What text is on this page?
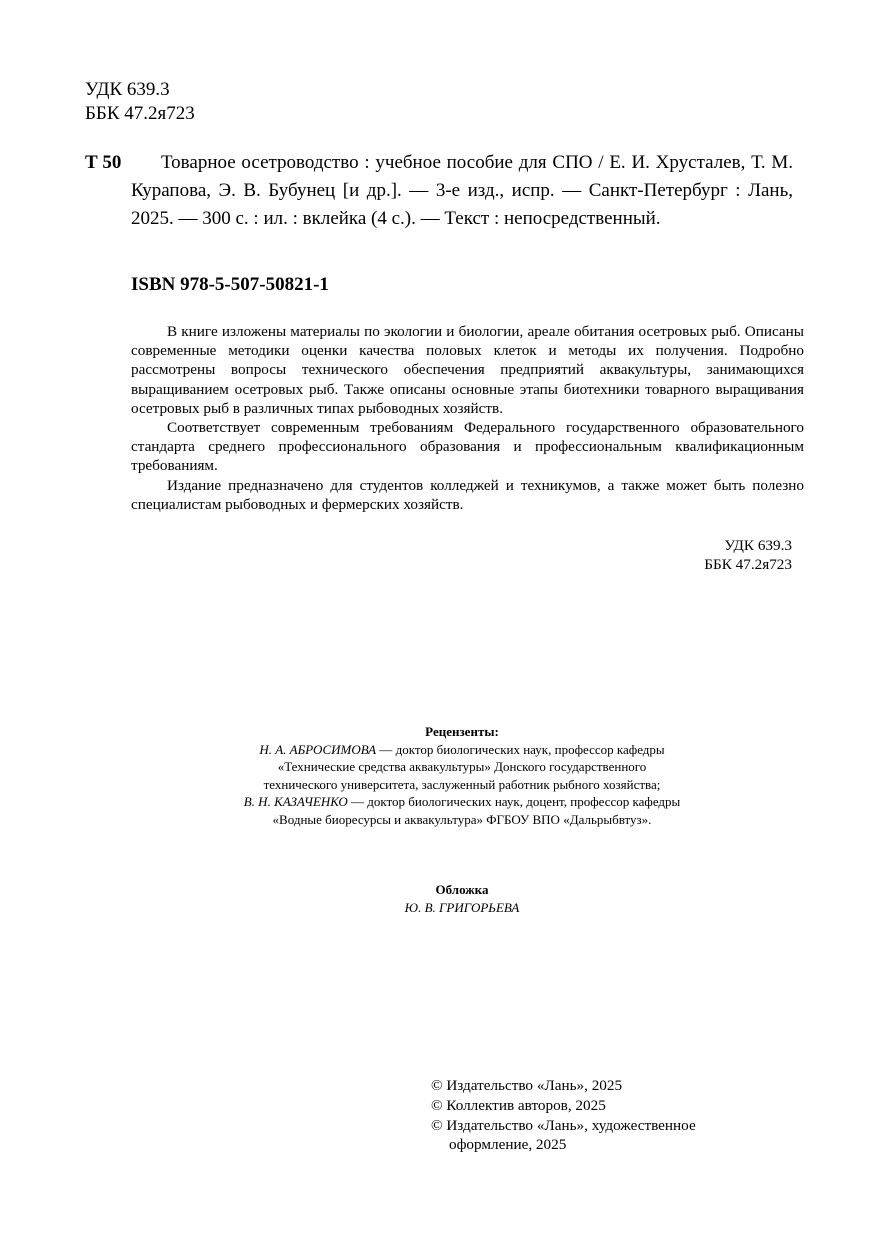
УДК 639.3
ББК 47.2я723
Т 50	Товарное осетроводство : учебное пособие для СПО / Е. И. Хрусталев, Т. М. Курапова, Э. В. Бубунец [и др.]. — 3-е изд., испр. — Санкт-Петербург : Лань, 2025. — 300 с. : ил. : вклейка (4 с.). — Текст : непосредственный.
ISBN 978-5-507-50821-1

В книге изложены материалы по экологии и биологии, ареале обитания осетровых рыб. Описаны современные методики оценки качества половых клеток и методы их получения. Подробно рассмотрены вопросы технического обеспечения предприятий аквакультуры, занимающихся выращиванием осетровых рыб. Также описаны основные этапы биотехники товарного выращивания осетровых рыб в различных типах рыбоводных хозяйств.

Соответствует современным требованиям Федерального государственного образовательного стандарта среднего профессионального образования и профессиональным квалификационным требованиям.

Издание предназначено для студентов колледжей и техникумов, а также может быть полезно специалистам рыбоводных и фермерских хозяйств.

УДК 639.3
ББК 47.2я723
Рецензенты:
Н. А. АБРОСИМОВА — доктор биологических наук, профессор кафедры
«Технические средства аквакультуры» Донского государственного
технического университета, заслуженный работник рыбного хозяйства;
В. Н. КАЗАЧЕНКО — доктор биологических наук, доцент, профессор кафедры
«Водные биоресурсы и аквакультура» ФГБОУ ВПО «Дальрыбвтуз».
Обложка
Ю. В. ГРИГОРЬЕВА
© Издательство «Лань», 2025
© Коллектив авторов, 2025
© Издательство «Лань», художественное
оформление, 2025
